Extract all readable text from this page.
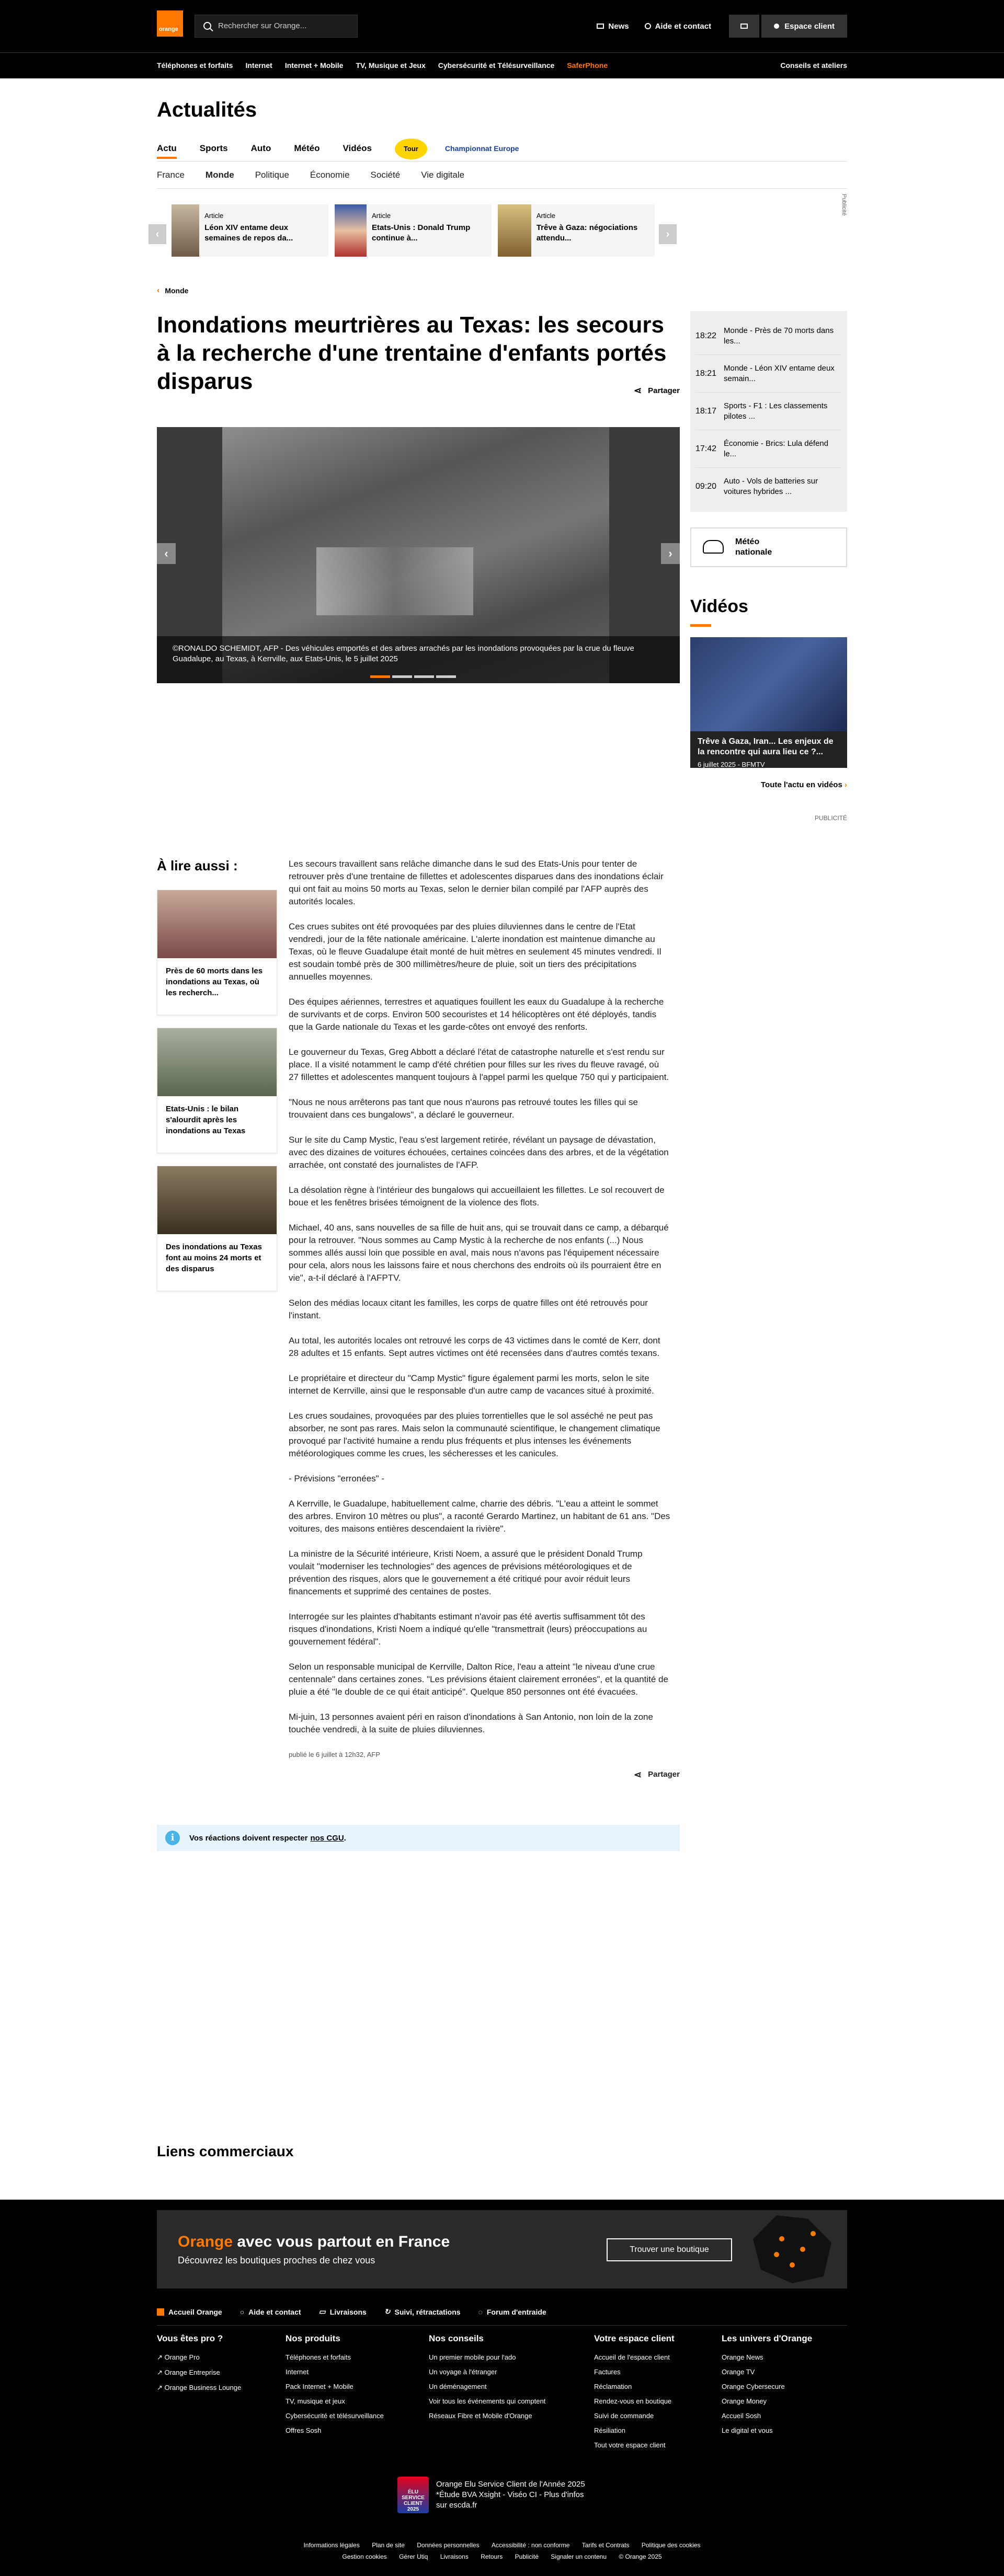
orange	Rechercher sur Orange...	News	Aide et contact	Espace client
Téléphones et forfaits Internet Internet + Mobile TV, Musique et Jeux Cybersécurité et Télésurveillance SaferPhone	Conseils et ateliers
Actualités
Actu	Sports	Auto	Météo	Vidéos	Tour	Championnat Europe
France Monde Politique Économie Société Vie digitale
Publicité
‹
Article
Léon XIV entame deux semaines de repos da...
Article
Etats-Unis : Donald Trump continue à...
Article
Trêve à Gaza: négociations attendu...	›
‹ Monde
Inondations meurtrières au Texas: les secours à la recherche d'une trentaine d'enfants portés disparus	⋖ Partager
‹	›
©RONALDO SCHEMIDT, AFP - Des véhicules emportés et des arbres arrachés par les inondations provoquées par la crue du fleuve Guadalupe, au Texas, à Kerrville, aux Etats-Unis, le 5 juillet 2025
À lire aussi :
Près de 60 morts dans les inondations au Texas, où les recherch...
Etats-Unis : le bilan s'alourdit après les inondations au Texas
Des inondations au Texas font au moins 24 morts et des disparus

Les secours travaillent sans relâche dimanche dans le sud des Etats-Unis pour tenter de retrouver près d'une trentaine de fillettes et adolescentes disparues dans des inondations éclair qui ont fait au moins 50 morts au Texas, selon le dernier bilan compilé par l'AFP auprès des autorités locales.

Ces crues subites ont été provoquées par des pluies diluviennes dans le centre de l'Etat vendredi, jour de la fête nationale américaine. L'alerte inondation est maintenue dimanche au Texas, où le fleuve Guadalupe était monté de huit mètres en seulement 45 minutes vendredi. Il est soudain tombé près de 300 millimètres/heure de pluie, soit un tiers des précipitations annuelles moyennes.

Des équipes aériennes, terrestres et aquatiques fouillent les eaux du Guadalupe à la recherche de survivants et de corps. Environ 500 secouristes et 14 hélicoptères ont été déployés, tandis que la Garde nationale du Texas et les garde-côtes ont envoyé des renforts.

Le gouverneur du Texas, Greg Abbott a déclaré l'état de catastrophe naturelle et s'est rendu sur place. Il a visité notamment le camp d'été chrétien pour filles sur les rives du fleuve ravagé, où 27 fillettes et adolescentes manquent toujours à l'appel parmi les quelque 750 qui y participaient.

"Nous ne nous arrêterons pas tant que nous n'aurons pas retrouvé toutes les filles qui se trouvaient dans ces bungalows", a déclaré le gouverneur.

Sur le site du Camp Mystic, l'eau s'est largement retirée, révélant un paysage de dévastation, avec des dizaines de voitures échouées, certaines coincées dans des arbres, et de la végétation arrachée, ont constaté des journalistes de l'AFP.

La désolation règne à l'intérieur des bungalows qui accueillaient les fillettes. Le sol recouvert de boue et les fenêtres brisées témoignent de la violence des flots.

Michael, 40 ans, sans nouvelles de sa fille de huit ans, qui se trouvait dans ce camp, a débarqué pour la retrouver. "Nous sommes au Camp Mystic à la recherche de nos enfants (...) Nous sommes allés aussi loin que possible en aval, mais nous n'avons pas l'équipement nécessaire pour cela, alors nous les laissons faire et nous cherchons des endroits où ils pourraient être en vie", a-t-il déclaré à l'AFPTV.

Selon des médias locaux citant les familles, les corps de quatre filles ont été retrouvés pour l'instant.

Au total, les autorités locales ont retrouvé les corps de 43 victimes dans le comté de Kerr, dont 28 adultes et 15 enfants. Sept autres victimes ont été recensées dans d'autres comtés texans.

Le propriétaire et directeur du "Camp Mystic" figure également parmi les morts, selon le site internet de Kerrville, ainsi que le responsable d'un autre camp de vacances situé à proximité.

Les crues soudaines, provoquées par des pluies torrentielles que le sol asséché ne peut pas absorber, ne sont pas rares. Mais selon la communauté scientifique, le changement climatique provoqué par l'activité humaine a rendu plus fréquents et plus intenses les événements météorologiques comme les crues, les sécheresses et les canicules.

- Prévisions "erronées" -

A Kerrville, le Guadalupe, habituellement calme, charrie des débris. "L'eau a atteint le sommet des arbres. Environ 10 mètres ou plus", a raconté Gerardo Martinez, un habitant de 61 ans. "Des voitures, des maisons entières descendaient la rivière".

La ministre de la Sécurité intérieure, Kristi Noem, a assuré que le président Donald Trump voulait "moderniser les technologies" des agences de prévisions météorologiques et de prévention des risques, alors que le gouvernement a été critiqué pour avoir réduit leurs financements et supprimé des centaines de postes.

Interrogée sur les plaintes d'habitants estimant n'avoir pas été avertis suffisamment tôt des risques d'inondations, Kristi Noem a indiqué qu'elle "transmettrait (leurs) préoccupations au gouvernement fédéral".

Selon un responsable municipal de Kerrville, Dalton Rice, l'eau a atteint "le niveau d'une crue centennale" dans certaines zones. "Les prévisions étaient clairement erronées", et la quantité de pluie a été "le double de ce qui était anticipé". Quelque 850 personnes ont été évacuées.

Mi-juin, 13 personnes avaient péri en raison d'inondations à San Antonio, non loin de la zone touchée vendredi, à la suite de pluies diluviennes.

publié le 6 juillet à 12h32, AFP
⋖ Partager
i	Vos réactions doivent respecter nos CGU .
18:22
Monde - Près de 70 morts dans les...
18:21
Monde - Léon XIV entame deux semain...
18:17
Sports - F1 : Les classements pilotes ...
17:42
Économie - Brics: Lula défend le...
09:20
Auto - Vols de batteries sur voitures hybrides ...
Météo nationale
Vidéos
Trêve à Gaza, Iran... Les enjeux de la rencontre qui aura lieu ce ?...
6 juillet 2025 - BFMTV
Toute l'actu en vidéos ›
PUBLICITÉ
Liens commerciaux
Orange avec vous partout en France
Découvrez les boutiques proches de chez vous
Trouver une boutique
Accueil Orange ○ Aide et contact ▭ Livraisons ↻ Suivi, rétractations ◌ Forum d'entraide
Vous êtes pro ?
↗ Orange Pro
↗ Orange Entreprise
↗ Orange Business Lounge
Nos produits
Téléphones et forfaits
Internet
Pack Internet + Mobile
TV, musique et jeux
Cybersécurité et télésurveillance
Offres Sosh
Nos conseils
Un premier mobile pour l'ado
Un voyage à l'étranger
Un déménagement
Voir tous les événements qui comptent
Réseaux Fibre et Mobile d'Orange
Votre espace client
Accueil de l'espace client
Factures
Réclamation
Rendez-vous en boutique
Suivi de commande
Résiliation
Tout votre espace client
Les univers d'Orange
Orange News
Orange TV
Orange Cybersecure
Orange Money
Accueil Sosh
Le digital et vous
ÉLU SERVICE CLIENT 2025
Orange Elu Service Client de l'Année 2025
*Étude BVA Xsight - Viséo CI - Plus d'infos
sur escda.fr
Informations légales Plan de site Données personnelles Accessibilité : non conforme Tarifs et Contrats Politique des cookies
Gestion cookies Gérer Utiq Livraisons Retours Publicité Signaler un contenu © Orange 2025
